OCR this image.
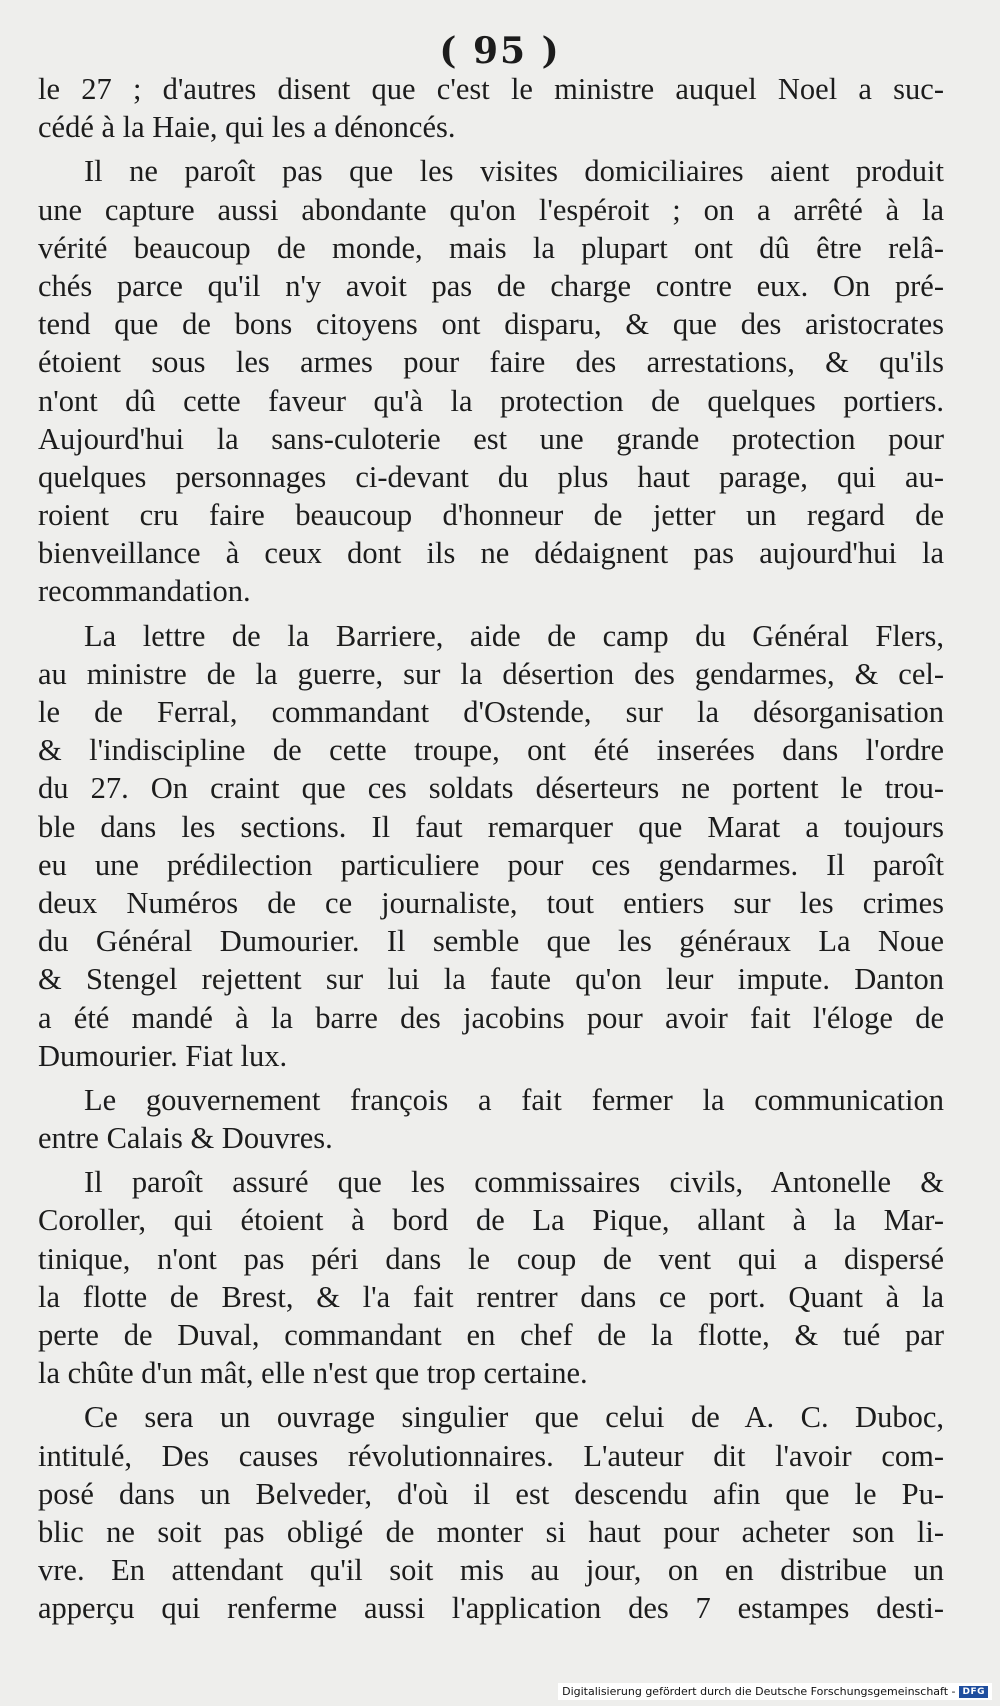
( 95 )
le 27 ; d'autres disent que c'est le ministre auquel Noel a suc-
cédé à la Haie, qui les a dénoncés.
Il ne paroît pas que les visites domiciliaires aient produit
une capture aussi abondante qu'on l'espéroit ; on a arrêté à la
vérité beaucoup de monde, mais la plupart ont dû être relâ-
chés parce qu'il n'y avoit pas de charge contre eux. On pré-
tend que de bons citoyens ont disparu, & que des aristocrates
étoient sous les armes pour faire des arrestations, & qu'ils
n'ont dû cette faveur qu'à la protection de quelques portiers.
Aujourd'hui la sans-culoterie est une grande protection pour
quelques personnages ci-devant du plus haut parage, qui au-
roient cru faire beaucoup d'honneur de jetter un regard de
bienveillance à ceux dont ils ne dédaignent pas aujourd'hui la
recommandation.
La lettre de la Barriere, aide de camp du Général Flers,
au ministre de la guerre, sur la désertion des gendarmes, & cel-
le de Ferral, commandant d'Ostende, sur la désorganisation
& l'indiscipline de cette troupe, ont été inserées dans l'ordre
du 27. On craint que ces soldats déserteurs ne portent le trou-
ble dans les sections. Il faut remarquer que Marat a toujours
eu une prédilection particuliere pour ces gendarmes. Il paroît
deux Numéros de ce journaliste, tout entiers sur les crimes
du Général Dumourier. Il semble que les généraux La Noue
& Stengel rejettent sur lui la faute qu'on leur impute. Danton
a été mandé à la barre des jacobins pour avoir fait l'éloge de
Dumourier. Fiat lux.
Le gouvernement françois a fait fermer la communication
entre Calais & Douvres.
Il paroît assuré que les commissaires civils, Antonelle &
Coroller, qui étoient à bord de La Pique, allant à la Mar-
tinique, n'ont pas péri dans le coup de vent qui a dispersé
la flotte de Brest, & l'a fait rentrer dans ce port. Quant à la
perte de Duval, commandant en chef de la flotte, & tué par
la chûte d'un mât, elle n'est que trop certaine.
Ce sera un ouvrage singulier que celui de A. C. Duboc,
intitulé, Des causes révolutionnaires. L'auteur dit l'avoir com-
posé dans un Belveder, d'où il est descendu afin que le Pu-
blic ne soit pas obligé de monter si haut pour acheter son li-
vre. En attendant qu'il soit mis au jour, on en distribue un
apperçu qui renferme aussi l'application des 7 estampes desti-
Digitalisierung gefördert durch die Deutsche Forschungsgemeinschaft - DFG
